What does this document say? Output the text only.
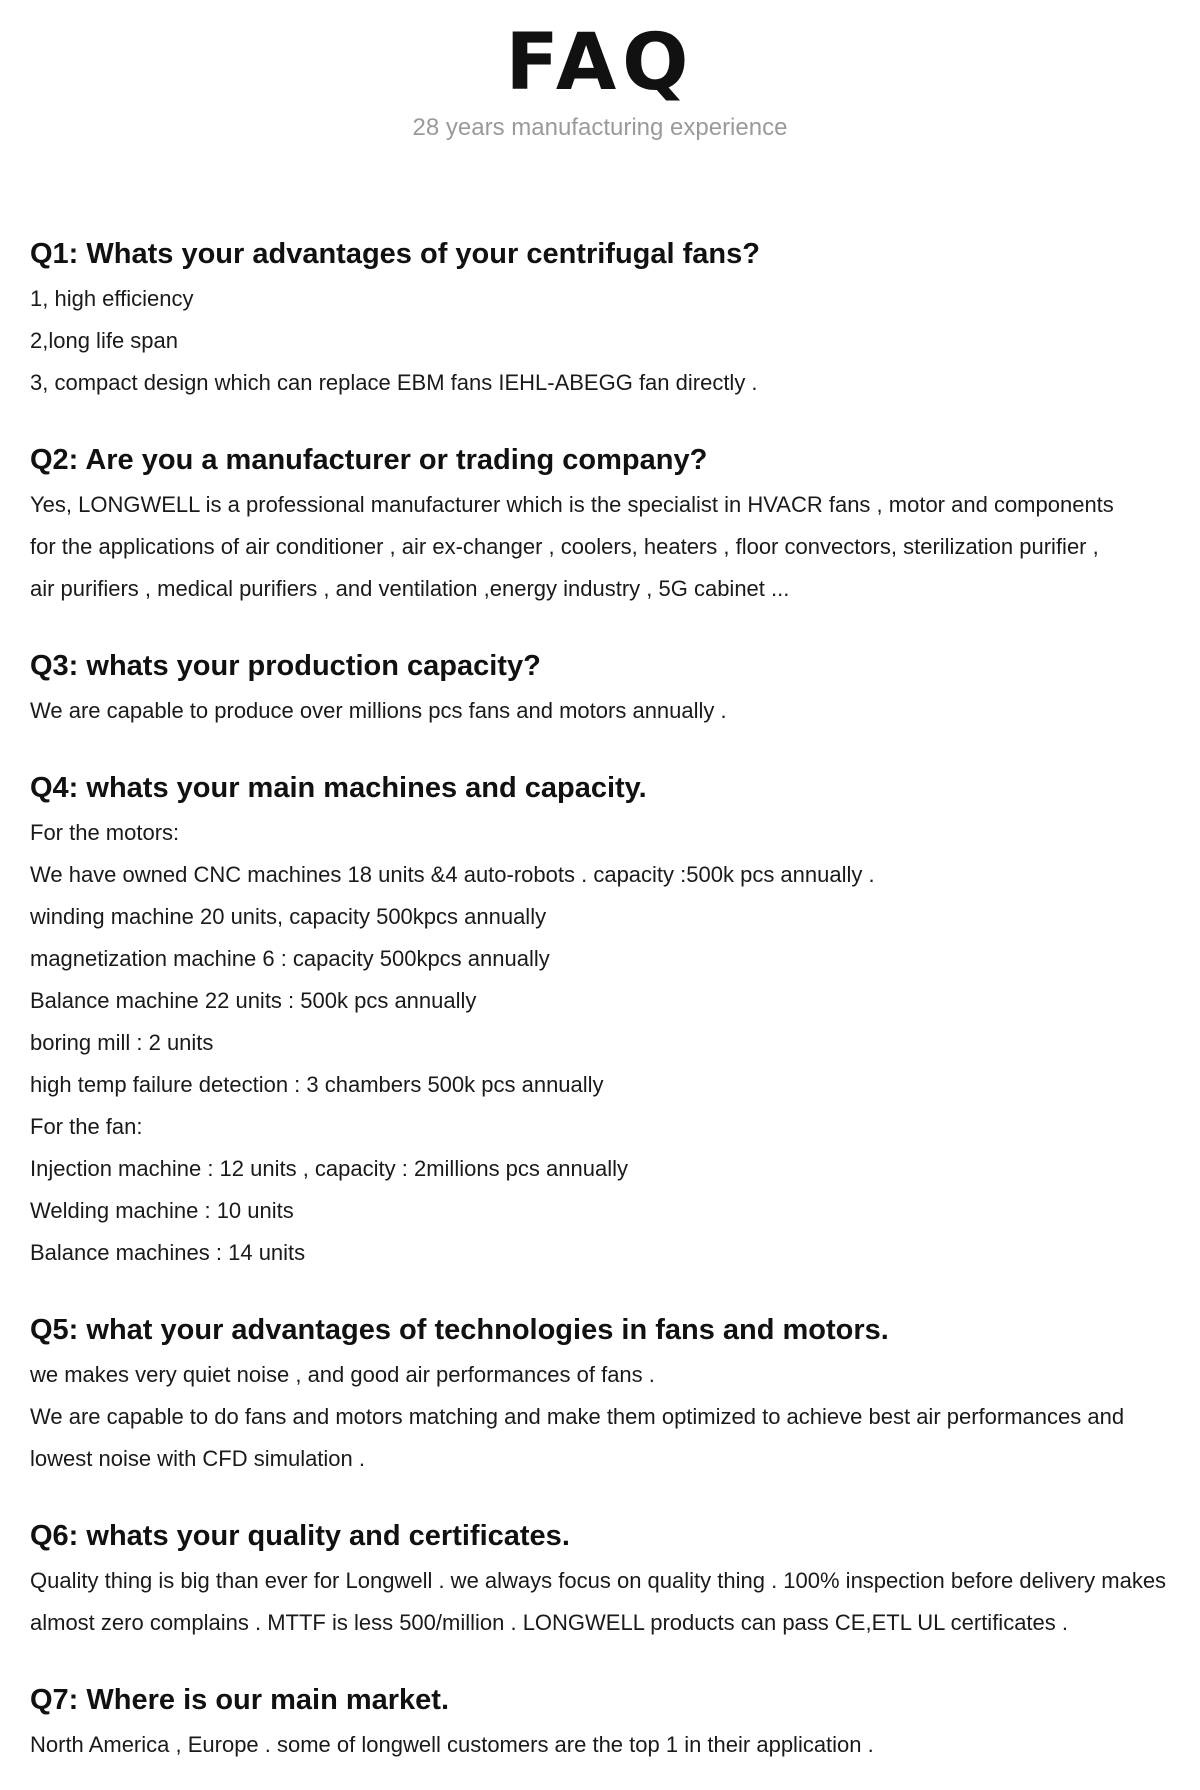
FAQ
28 years manufacturing experience
Q1: Whats your advantages of your centrifugal fans?
1, high efficiency
2,long life span
3, compact design which can replace EBM fans IEHL-ABEGG fan directly .
Q2: Are you a manufacturer or trading company?
Yes, LONGWELL is a professional manufacturer which is the specialist in HVACR fans , motor and components
for the applications of air conditioner , air ex-changer , coolers, heaters , floor convectors, sterilization purifier ,
air purifiers , medical purifiers , and ventilation ,energy industry , 5G cabinet ...
Q3: whats your production capacity?
We are capable to produce over millions pcs fans and motors annually .
Q4: whats your main machines and capacity.
For the motors:
We have owned CNC machines 18 units &4 auto-robots . capacity :500k pcs annually .
winding machine 20 units, capacity 500kpcs annually
magnetization machine 6 : capacity 500kpcs annually
Balance machine 22 units : 500k pcs annually
boring mill : 2 units
high temp failure detection : 3 chambers 500k pcs annually
For the fan:
Injection machine : 12 units , capacity : 2millions pcs annually
Welding machine : 10 units
Balance machines : 14 units
Q5: what your advantages of technologies in fans and motors.
we makes very quiet noise , and good air performances of fans .
We are capable to do fans and motors matching and make them optimized to achieve best air performances and
lowest noise with CFD simulation .
Q6: whats your quality and certificates.
Quality thing is big than ever for Longwell . we always focus on quality thing . 100% inspection before delivery makes
almost zero complains . MTTF is less 500/million . LONGWELL products can pass CE,ETL UL certificates .
Q7: Where is our main market.
North America , Europe . some of longwell customers are the top 1 in their application .
